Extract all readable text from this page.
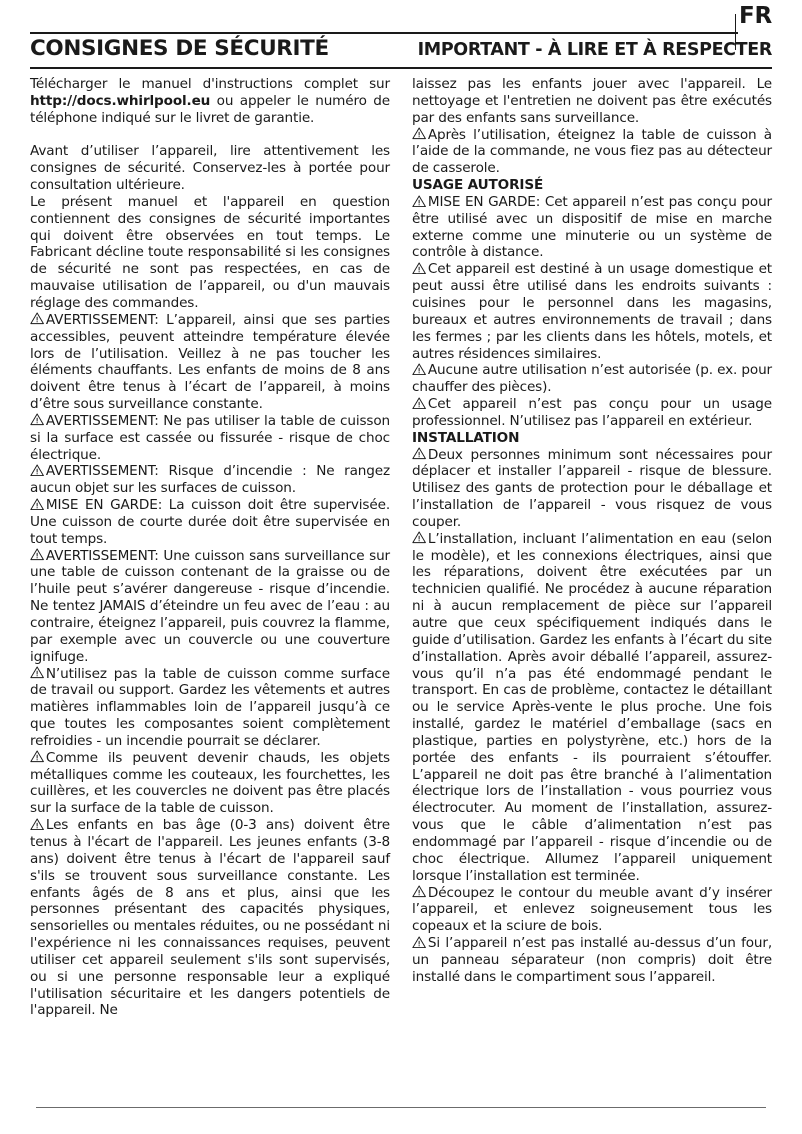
FR
CONSIGNES DE SÉCURITÉ	IMPORTANT - À LIRE ET À RESPECTER

Télécharger le manuel d'instructions complet sur http://docs.whirlpool.eu ou appeler le numéro de téléphone indiqué sur le livret de garantie.

Avant d’utiliser l’appareil, lire attentivement les consignes de sécurité. Conservez-les à portée pour consultation ultérieure.

Le présent manuel et l'appareil en question contiennent des consignes de sécurité importantes qui doivent être observées en tout temps. Le Fabricant décline toute responsabilité si les consignes de sécurité ne sont pas respectées, en cas de mauvaise utilisation de l’appareil, ou d'un mauvais réglage des commandes.

AVERTISSEMENT: L’appareil, ainsi que ses parties accessibles, peuvent atteindre température élevée lors de l’utilisation. Veillez à ne pas toucher les éléments chauffants. Les enfants de moins de 8 ans doivent être tenus à l’écart de l’appareil, à moins d’être sous surveillance constante.

AVERTISSEMENT: Ne pas utiliser la table de cuisson si la surface est cassée ou fissurée - risque de choc électrique.

AVERTISSEMENT: Risque d’incendie : Ne rangez aucun objet sur les surfaces de cuisson.

MISE EN GARDE: La cuisson doit être supervisée. Une cuisson de courte durée doit être supervisée en tout temps.

AVERTISSEMENT: Une cuisson sans surveillance sur une table de cuisson contenant de la graisse ou de l’huile peut s’avérer dangereuse - risque d’incendie. Ne tentez JAMAIS d’éteindre un feu avec de l’eau : au contraire, éteignez l’appareil, puis couvrez la flamme, par exemple avec un couvercle ou une couverture ignifuge.

N’utilisez pas la table de cuisson comme surface de travail ou support. Gardez les vêtements et autres matières inflammables loin de l’appareil jusqu’à ce que toutes les composantes soient complètement refroidies - un incendie pourrait se déclarer.

Comme ils peuvent devenir chauds, les objets métalliques comme les couteaux, les fourchettes, les cuillères, et les couvercles ne doivent pas être placés sur la surface de la table de cuisson.

Les enfants en bas âge (0-3 ans) doivent être tenus à l'écart de l'appareil. Les jeunes enfants (3-8 ans) doivent être tenus à l'écart de l'appareil sauf s'ils se trouvent sous surveillance constante. Les enfants âgés de 8 ans et plus, ainsi que les personnes présentant des capacités physiques, sensorielles ou mentales réduites, ou ne possédant ni l'expérience ni les connaissances requises, peuvent utiliser cet appareil seulement s'ils sont supervisés, ou si une personne responsable leur a expliqué l'utilisation sécuritaire et les dangers potentiels de l'appareil. Ne

laissez pas les enfants jouer avec l'appareil. Le nettoyage et l'entretien ne doivent pas être exécutés par des enfants sans surveillance.

Après l’utilisation, éteignez la table de cuisson à l’aide de la commande, ne vous fiez pas au détecteur de casserole.

USAGE AUTORISÉ

MISE EN GARDE: Cet appareil n’est pas conçu pour être utilisé avec un dispositif de mise en marche externe comme une minuterie ou un système de contrôle à distance.

Cet appareil est destiné à un usage domestique et peut aussi être utilisé dans les endroits suivants : cuisines pour le personnel dans les magasins, bureaux et autres environnements de travail ; dans les fermes ; par les clients dans les hôtels, motels, et autres résidences similaires.

Aucune autre utilisation n’est autorisée (p. ex. pour chauffer des pièces).

Cet appareil n’est pas conçu pour un usage professionnel. N’utilisez pas l’appareil en extérieur.

INSTALLATION

Deux personnes minimum sont nécessaires pour déplacer et installer l’appareil - risque de blessure. Utilisez des gants de protection pour le déballage et l’installation de l’appareil - vous risquez de vous couper.

L’installation, incluant l’alimentation en eau (selon le modèle), et les connexions électriques, ainsi que les réparations, doivent être exécutées par un technicien qualifié. Ne procédez à aucune réparation ni à aucun remplacement de pièce sur l’appareil autre que ceux spécifiquement indiqués dans le guide d’utilisation. Gardez les enfants à l’écart du site d’installation. Après avoir déballé l’appareil, assurez-vous qu’il n’a pas été endommagé pendant le transport. En cas de problème, contactez le détaillant ou le service Après-vente le plus proche. Une fois installé, gardez le matériel d’emballage (sacs en plastique, parties en polystyrène, etc.) hors de la portée des enfants - ils pourraient s’étouffer. L’appareil ne doit pas être branché à l’alimentation électrique lors de l’installation - vous pourriez vous électrocuter. Au moment de l’installation, assurez-vous que le câble d’alimentation n’est pas endommagé par l’appareil - risque d’incendie ou de choc électrique. Allumez l’appareil uniquement lorsque l’installation est terminée.

Découpez le contour du meuble avant d’y insérer l’appareil, et enlevez soigneusement tous les copeaux et la sciure de bois.

Si l’appareil n’est pas installé au-dessus d’un four, un panneau séparateur (non compris) doit être installé dans le compartiment sous l’appareil.
